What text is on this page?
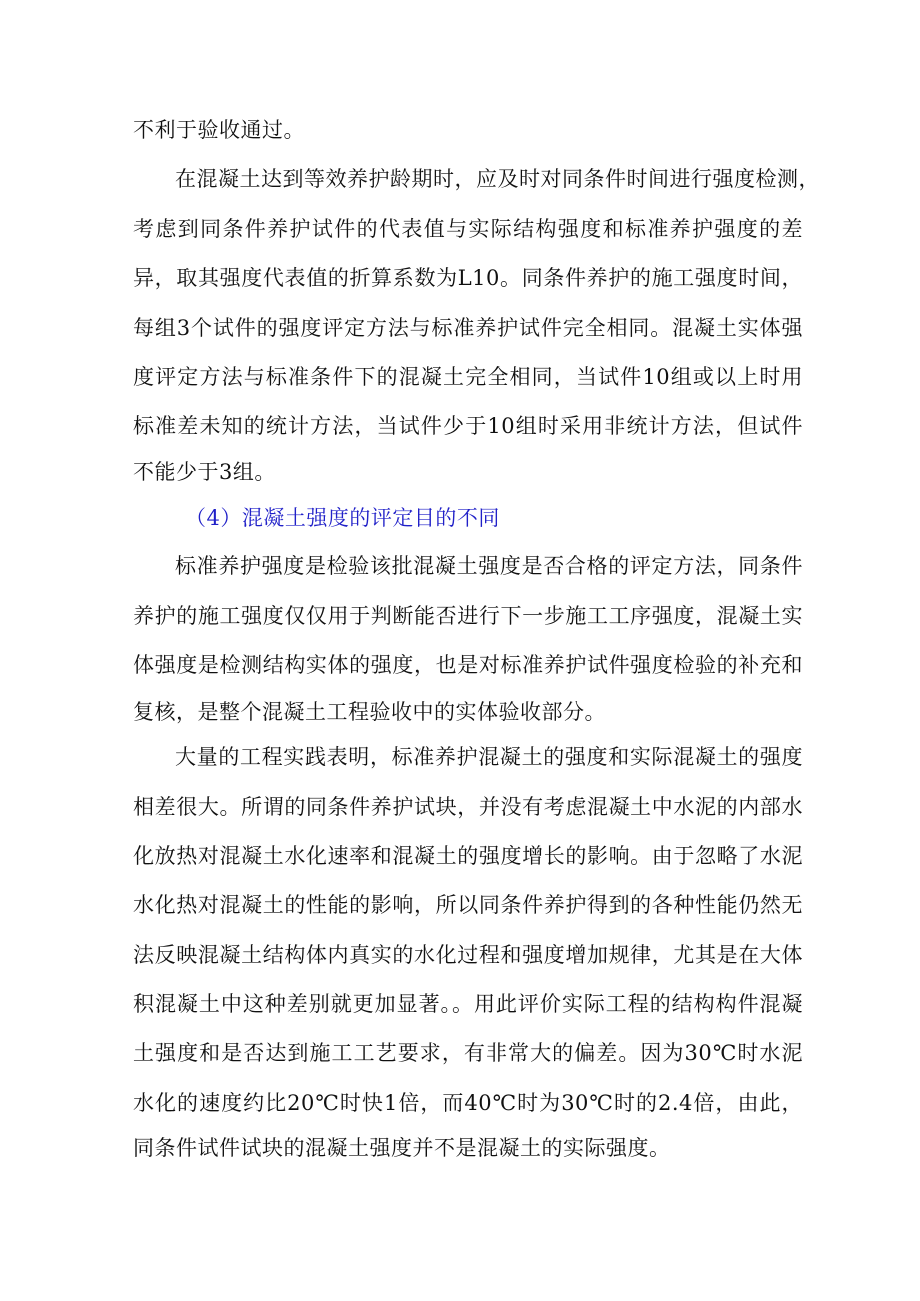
不利于验收通过。
在混凝土达到等效养护龄期时，应及时对同条件时间进行强度检测，
考虑到同条件养护试件的代表值与实际结构强度和标准养护强度的差
异，取其强度代表值的折算系数为L10。同条件养护的施工强度时间，
每组3个试件的强度评定方法与标准养护试件完全相同。混凝土实体强
度评定方法与标准条件下的混凝土完全相同，当试件10组或以上时用
标准差未知的统计方法，当试件少于10组时采用非统计方法，但试件
不能少于3组。
（4）混凝土强度的评定目的不同
标准养护强度是检验该批混凝土强度是否合格的评定方法，同条件
养护的施工强度仅仅用于判断能否进行下一步施工工序强度，混凝土实
体强度是检测结构实体的强度，也是对标准养护试件强度检验的补充和
复核，是整个混凝土工程验收中的实体验收部分。
大量的工程实践表明，标准养护混凝土的强度和实际混凝土的强度
相差很大。所谓的同条件养护试块，并没有考虑混凝土中水泥的内部水
化放热对混凝土水化速率和混凝土的强度增长的影响。由于忽略了水泥
水化热对混凝土的性能的影响，所以同条件养护得到的各种性能仍然无
法反映混凝土结构体内真实的水化过程和强度增加规律，尤其是在大体
积混凝土中这种差别就更加显著。。用此评价实际工程的结构构件混凝
土强度和是否达到施工工艺要求，有非常大的偏差。因为30℃时水泥
水化的速度约比20℃时快1倍，而40℃时为30℃时的2.4倍，由此，
同条件试件试块的混凝土强度并不是混凝土的实际强度。
